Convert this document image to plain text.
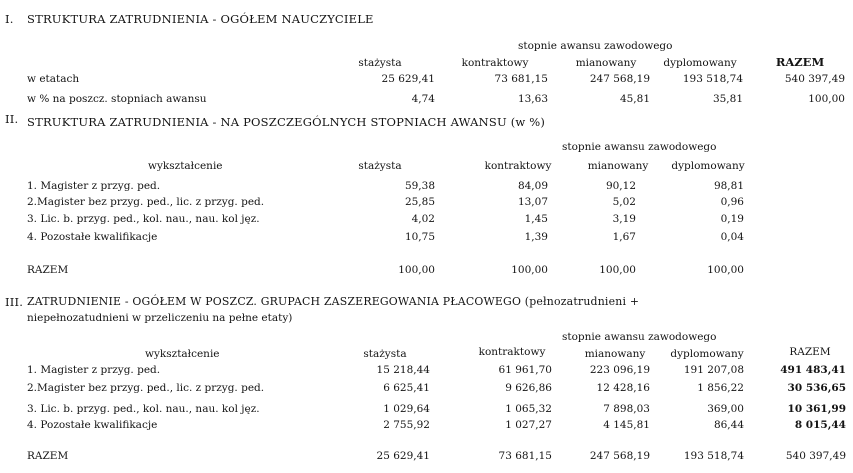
I. STRUKTURA ZATRUDNIENIA - OGÓŁEM NAUCZYCIELE
stopnie awansu zawodowego
stażysta	kontraktowy	mianowany	dyplomowany	RAZEM
w etatach	25 629,41	73 681,15	247 568,19	193 518,74	540 397,49
w % na poszcz. stopniach awansu	4,74	13,63	45,81	35,81	100,00
II. STRUKTURA ZATRUDNIENIA - NA POSZCZEGÓLNYCH STOPNIACH AWANSU (w %)
stopnie awansu zawodowego
wykształcenie	stażysta	kontraktowy	mianowany	dyplomowany
1. Magister z przyg. ped.	59,38	84,09	90,12	98,81
2.Magister bez przyg. ped., lic. z przyg. ped.	25,85	13,07	5,02	0,96
3. Lic. b. przyg. ped., kol. nau., nau. kol jęz.	4,02	1,45	3,19	0,19
4. Pozostałe kwalifikacje	10,75	1,39	1,67	0,04
RAZEM	100,00	100,00	100,00	100,00
III. ZATRUDNIENIE - OGÓŁEM W POSZCZ. GRUPACH ZASZEREGOWANIA PŁACOWEGO (pełnozatrudnieni +
niepełnozatudnieni w przeliczeniu na pełne etaty)
stopnie awansu zawodowego
wykształcenie	stażysta	kontraktowy	mianowany	dyplomowany	RAZEM
1. Magister z przyg. ped.	15 218,44	61 961,70	223 096,19	191 207,08	491 483,41
2.Magister bez przyg. ped., lic. z przyg. ped.	6 625,41	9 626,86	12 428,16	1 856,22	30 536,65
3. Lic. b. przyg. ped., kol. nau., nau. kol jęz.	1 029,64	1 065,32	7 898,03	369,00	10 361,99
4. Pozostałe kwalifikacje	2 755,92	1 027,27	4 145,81	86,44	8 015,44
RAZEM	25 629,41	73 681,15	247 568,19	193 518,74	540 397,49
